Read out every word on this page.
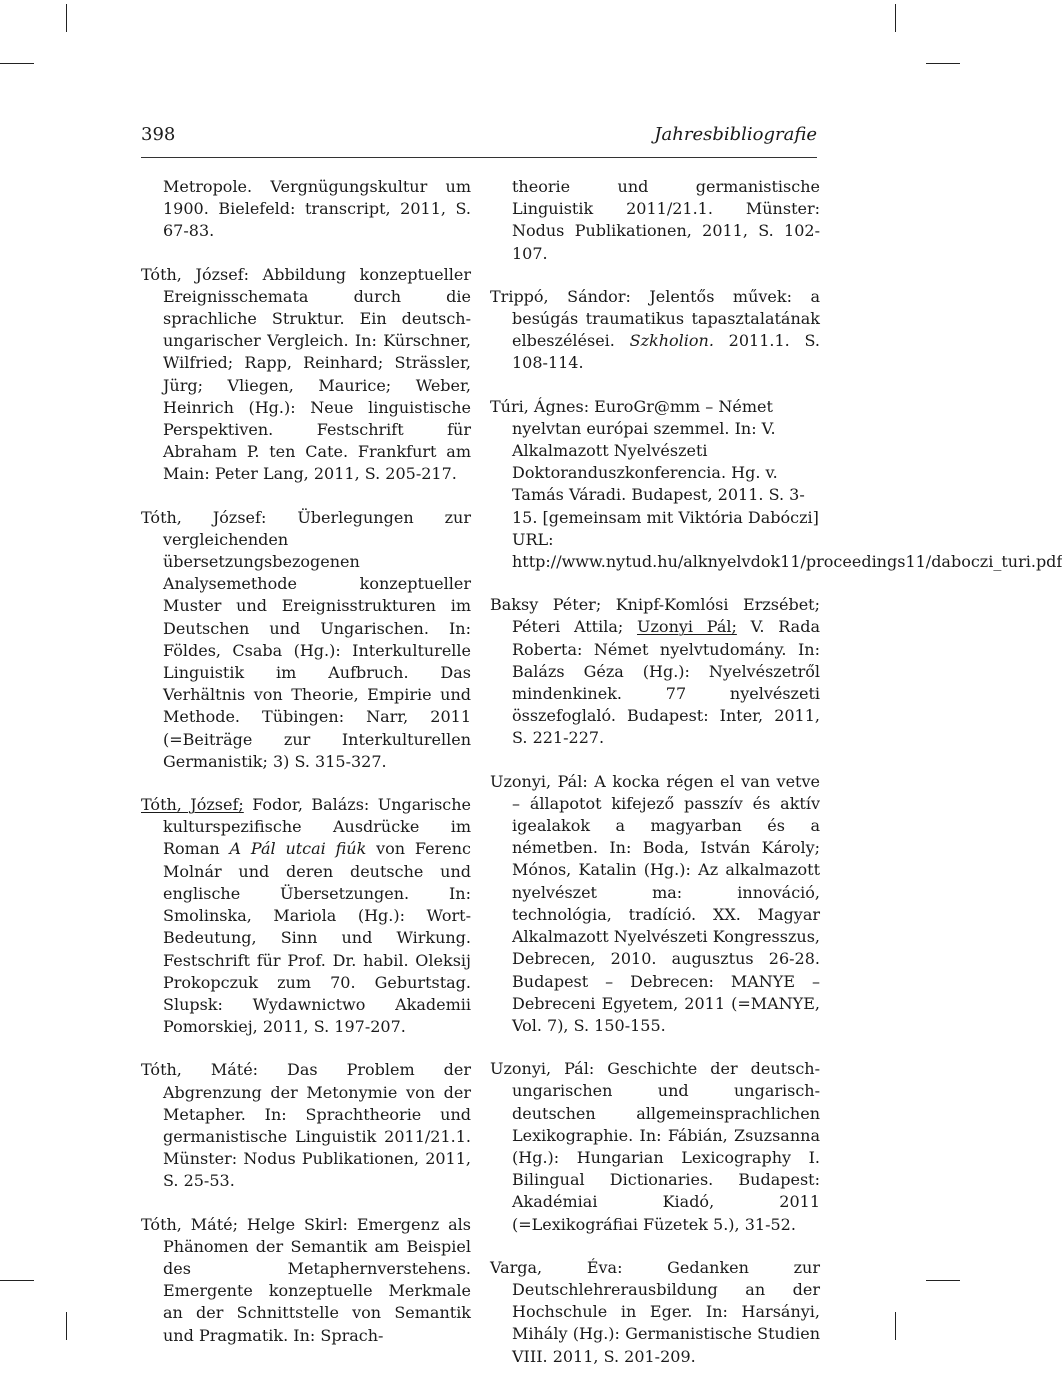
398	Jahresbibliografie

Metropole. Vergnügungskultur um 1900. Bielefeld: transcript, 2011, S. 67-83.

Tóth, József: Abbildung konzeptueller Ereignisschemata durch die sprachliche Struktur. Ein deutsch-ungarischer Vergleich. In: Kürschner, Wilfried; Rapp, Reinhard; Strässler, Jürg; Vliegen, Maurice; Weber, Heinrich (Hg.): Neue linguistische Perspektiven. Festschrift für Abraham P. ten Cate. Frankfurt am Main: Peter Lang, 2011, S. 205-217.

Tóth, József: Überlegungen zur vergleichenden übersetzungsbezogenen Analysemethode konzeptueller Muster und Ereignisstrukturen im Deutschen und Ungarischen. In: Földes, Csaba (Hg.): Interkulturelle Linguistik im Aufbruch. Das Verhältnis von Theorie, Empirie und Methode. Tübingen: Narr, 2011 (=Beiträge zur Interkulturellen Germanistik; 3) S. 315-327.

Tóth, József; Fodor, Balázs: Ungarische kulturspezifische Ausdrücke im Roman A Pál utcai fiúk von Ferenc Molnár und deren deutsche und englische Übersetzungen. In: Smolinska, Mariola (Hg.): Wort-Bedeutung, Sinn und Wirkung. Festschrift für Prof. Dr. habil. Oleksij Prokopczuk zum 70. Geburtstag. Slupsk: Wydawnictwo Akademii Pomorskiej, 2011, S. 197-207.

Tóth, Máté: Das Problem der Abgrenzung der Metonymie von der Metapher. In: Sprachtheorie und germanistische Linguistik 2011/21.1. Münster: Nodus Publikationen, 2011, S. 25-53.

Tóth, Máté; Helge Skirl: Emergenz als Phänomen der Semantik am Beispiel des Metaphernverstehens. Emergente konzeptuelle Merkmale an der Schnittstelle von Semantik und Pragmatik. In: Sprach-

theorie und germanistische Linguistik 2011/21.1. Münster: Nodus Publikationen, 2011, S. 102-107.

Trippó, Sándor: Jelentős művek: a besúgás traumatikus tapasztalatának elbeszélései. Szkholion. 2011.1. S. 108-114.

Túri, Ágnes: EuroGr@mm – Német nyelvtan európai szemmel. In: V. Alkalmazott Nyelvészeti Doktoranduszkonferencia. Hg. v. Tamás Váradi. Budapest, 2011. S. 3-15. [gemeinsam mit Viktória Dabóczi] URL: http://www.nytud.hu/alknyelvdok11/proceedings11/daboczi_turi.pdf

Baksy Péter; Knipf-Komlósi Erzsébet; Péteri Attila; Uzonyi Pál; V. Rada Roberta: Német nyelvtudomány. In: Balázs Géza (Hg.): Nyelvészetről mindenkinek. 77 nyelvészeti összefoglaló. Budapest: Inter, 2011, S. 221-227.

Uzonyi, Pál: A kocka régen el van vetve – állapotot kifejező passzív és aktív igealakok a magyarban és a németben. In: Boda, István Károly; Mónos, Katalin (Hg.): Az alkalmazott nyelvészet ma: innováció, technológia, tradíció. XX. Magyar Alkalmazott Nyelvészeti Kongresszus, Debrecen, 2010. augusztus 26-28. Budapest – Debrecen: MANYE – Debreceni Egyetem, 2011 (=MANYE, Vol. 7), S. 150-155.

Uzonyi, Pál: Geschichte der deutsch-ungarischen und ungarisch-deutschen allgemeinsprachlichen Lexikographie. In: Fábián, Zsuzsanna (Hg.): Hungarian Lexicography I. Bilingual Dictionaries. Budapest: Akadémiai Kiadó, 2011 (=Lexikográfiai Füzetek 5.), 31-52.

Varga, Éva: Gedanken zur Deutschlehrerausbildung an der Hochschule in Eger. In: Harsányi, Mihály (Hg.): Germanistische Studien VIII. 2011, S. 201-209.
